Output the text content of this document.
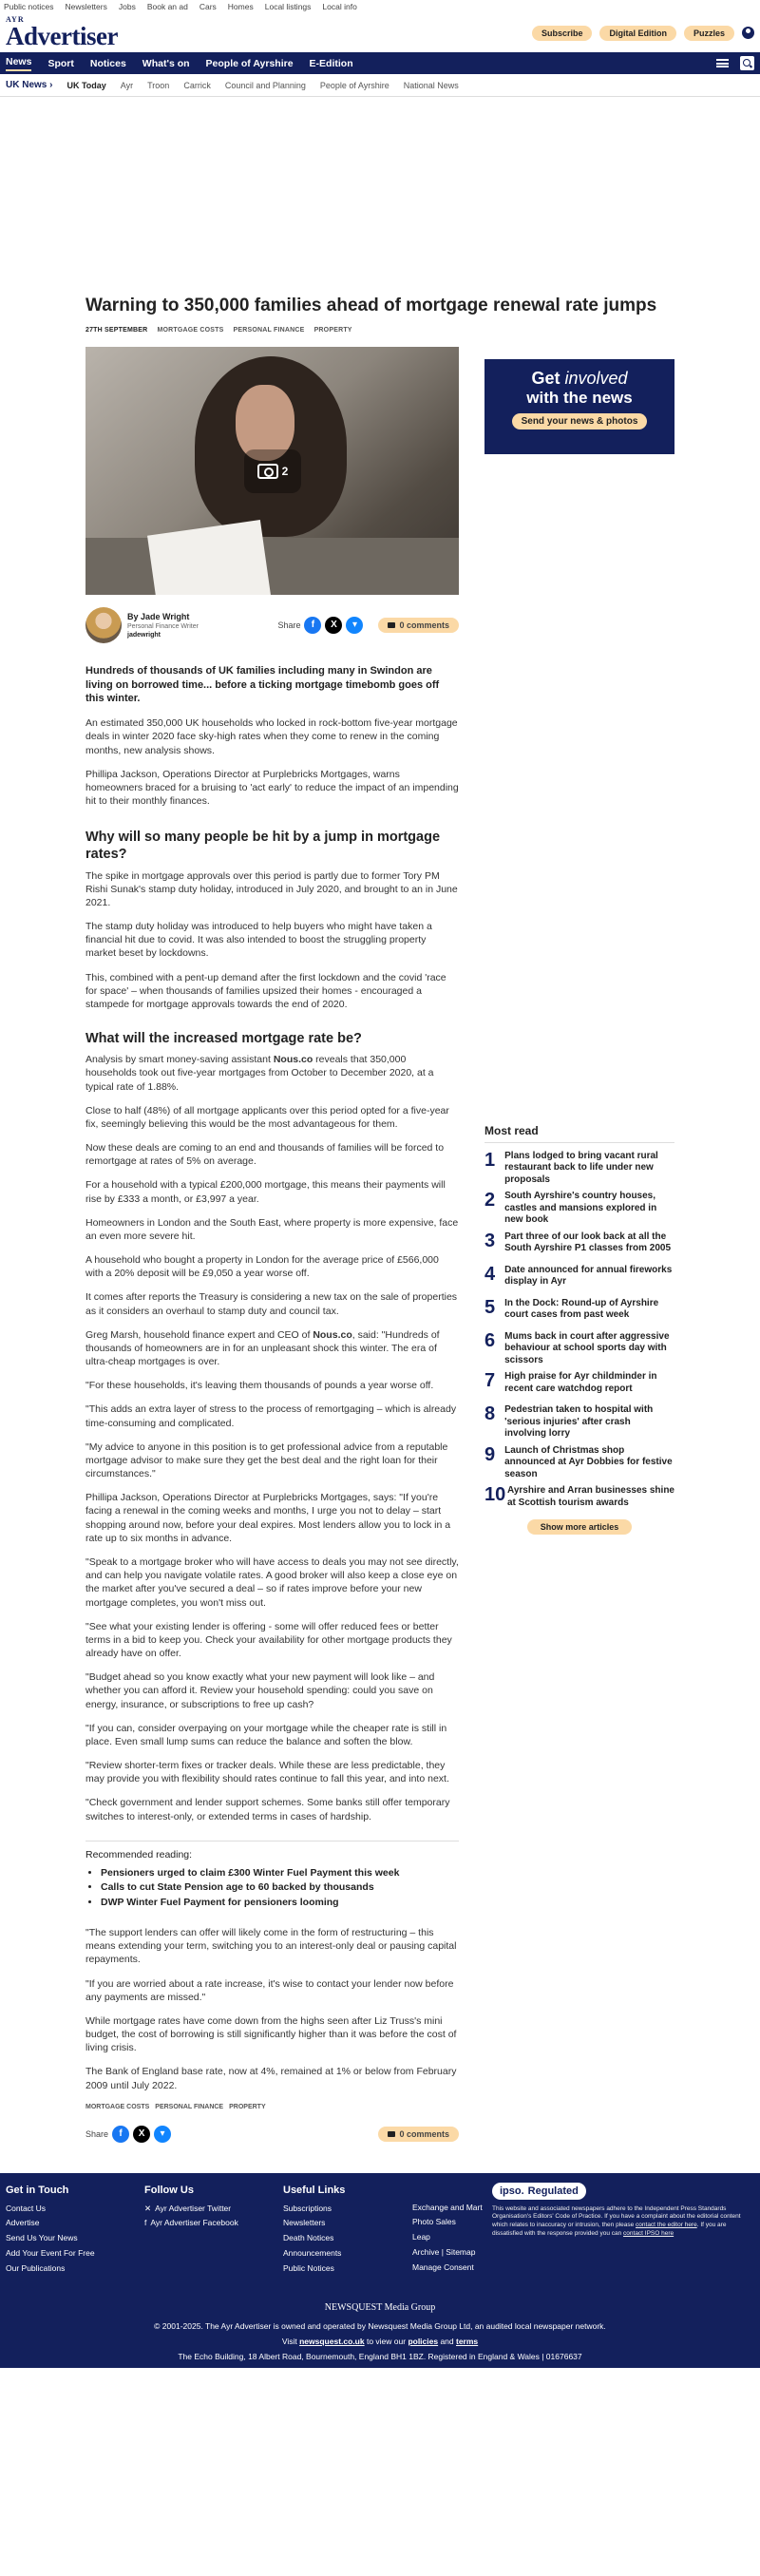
Public notices Newsletters Jobs Book an ad Cars Homes Local listings Local info
AYR
Advertiser	Subscribe	Digital Edition	Puzzles
News Sport Notices What's on People of Ayrshire E-Edition
UK News › UK Today Ayr Troon Carrick Council and Planning People of Ayrshire National News
Warning to 350,000 families ahead of mortgage renewal rate jumps
27TH SEPTEMBER MORTGAGE COSTS PERSONAL FINANCE PROPERTY
2
By Jade Wright
Personal Finance Writer
jadewright
Share	f	X	▾	0 comments

Hundreds of thousands of UK families including many in Swindon are living on borrowed time... before a ticking mortgage timebomb goes off this winter.

An estimated 350,000 UK households who locked in rock-bottom five-year mortgage deals in winter 2020 face sky-high rates when they come to renew in the coming months, new analysis shows.

Phillipa Jackson, Operations Director at Purplebricks Mortgages, warns homeowners braced for a bruising to 'act early' to reduce the impact of an impending hit to their monthly finances.

Why will so many people be hit by a jump in mortgage rates?

The spike in mortgage approvals over this period is partly due to former Tory PM Rishi Sunak's stamp duty holiday, introduced in July 2020, and brought to an in June 2021.

The stamp duty holiday was introduced to help buyers who might have taken a financial hit due to covid. It was also intended to boost the struggling property market beset by lockdowns.

This, combined with a pent-up demand after the first lockdown and the covid 'race for space' – when thousands of families upsized their homes - encouraged a stampede for mortgage approvals towards the end of 2020.

What will the increased mortgage rate be?

Analysis by smart money-saving assistant Nous.co reveals that 350,000 households took out five-year mortgages from October to December 2020, at a typical rate of 1.88%.

Close to half (48%) of all mortgage applicants over this period opted for a five-year fix, seemingly believing this would be the most advantageous for them.

Now these deals are coming to an end and thousands of families will be forced to remortgage at rates of 5% on average.

For a household with a typical £200,000 mortgage, this means their payments will rise by £333 a month, or £3,997 a year.

Homeowners in London and the South East, where property is more expensive, face an even more severe hit.

A household who bought a property in London for the average price of £566,000 with a 20% deposit will be £9,050 a year worse off.

It comes after reports the Treasury is considering a new tax on the sale of properties as it considers an overhaul to stamp duty and council tax.

Greg Marsh, household finance expert and CEO of Nous.co, said: "Hundreds of thousands of homeowners are in for an unpleasant shock this winter. The era of ultra-cheap mortgages is over.

"For these households, it's leaving them thousands of pounds a year worse off.

"This adds an extra layer of stress to the process of remortgaging – which is already time-consuming and complicated.

"My advice to anyone in this position is to get professional advice from a reputable mortgage advisor to make sure they get the best deal and the right loan for their circumstances."

Phillipa Jackson, Operations Director at Purplebricks Mortgages, says: "If you're facing a renewal in the coming weeks and months, I urge you not to delay – start shopping around now, before your deal expires. Most lenders allow you to lock in a rate up to six months in advance.

"Speak to a mortgage broker who will have access to deals you may not see directly, and can help you navigate volatile rates. A good broker will also keep a close eye on the market after you've secured a deal – so if rates improve before your new mortgage completes, you won't miss out.

"See what your existing lender is offering - some will offer reduced fees or better terms in a bid to keep you. Check your availability for other mortgage products they already have on offer.

"Budget ahead so you know exactly what your new payment will look like – and whether you can afford it. Review your household spending: could you save on energy, insurance, or subscriptions to free up cash?

"If you can, consider overpaying on your mortgage while the cheaper rate is still in place. Even small lump sums can reduce the balance and soften the blow.

"Review shorter-term fixes or tracker deals. While these are less predictable, they may provide you with flexibility should rates continue to fall this year, and into next.

"Check government and lender support schemes. Some banks still offer temporary switches to interest-only, or extended terms in cases of hardship.

Recommended reading:
• Pensioners urged to claim £300 Winter Fuel Payment this week
• Calls to cut State Pension age to 60 backed by thousands
• DWP Winter Fuel Payment for pensioners looming

"The support lenders can offer will likely come in the form of restructuring – this means extending your term, switching you to an interest-only deal or pausing capital repayments.

"If you are worried about a rate increase, it's wise to contact your lender now before any payments are missed."

While mortgage rates have come down from the highs seen after Liz Truss's mini budget, the cost of borrowing is still significantly higher than it was before the cost of living crisis.

The Bank of England base rate, now at 4%, remained at 1% or below from February 2009 until July 2022.

MORTGAGE COSTS PERSONAL FINANCE PROPERTY
Share	f	X	▾	0 comments
Get involved
with the news
Send your news & photos
Most read
1 Plans lodged to bring vacant rural restaurant back to life under new proposals
2 South Ayrshire's country houses, castles and mansions explored in new book
3 Part three of our look back at all the South Ayrshire P1 classes from 2005
4 Date announced for annual fireworks display in Ayr
5 In the Dock: Round-up of Ayrshire court cases from past week
6 Mums back in court after aggressive behaviour at school sports day with scissors
7 High praise for Ayr childminder in recent care watchdog report
8 Pedestrian taken to hospital with 'serious injuries' after crash involving lorry
9 Launch of Christmas shop announced at Ayr Dobbies for festive season
10 Ayrshire and Arran businesses shine at Scottish tourism awards
Show more articles
Get in Touch
Contact Us
Advertise
Send Us Your News
Add Your Event For Free
Our Publications
Follow Us
✕ Ayr Advertiser Twitter
f Ayr Advertiser Facebook
Useful Links
Subscriptions
Newsletters
Death Notices
Announcements
Public Notices
Exchange and Mart
Photo Sales
Leap
Archive | Sitemap
Manage Consent
ipso. Regulated
This website and associated newspapers adhere to the Independent Press Standards Organisation's Editors' Code of Practice. If you have a complaint about the editorial content which relates to inaccuracy or intrusion, then please contact the editor here. If you are dissatisfied with the response provided you can contact IPSO here
NEWSQUEST Media Group
© 2001-2025. The Ayr Advertiser is owned and operated by Newsquest Media Group Ltd, an audited local newspaper network.
Visit newsquest.co.uk to view our policies and terms
The Echo Building, 18 Albert Road, Bournemouth, England BH1 1BZ. Registered in England & Wales | 01676637
